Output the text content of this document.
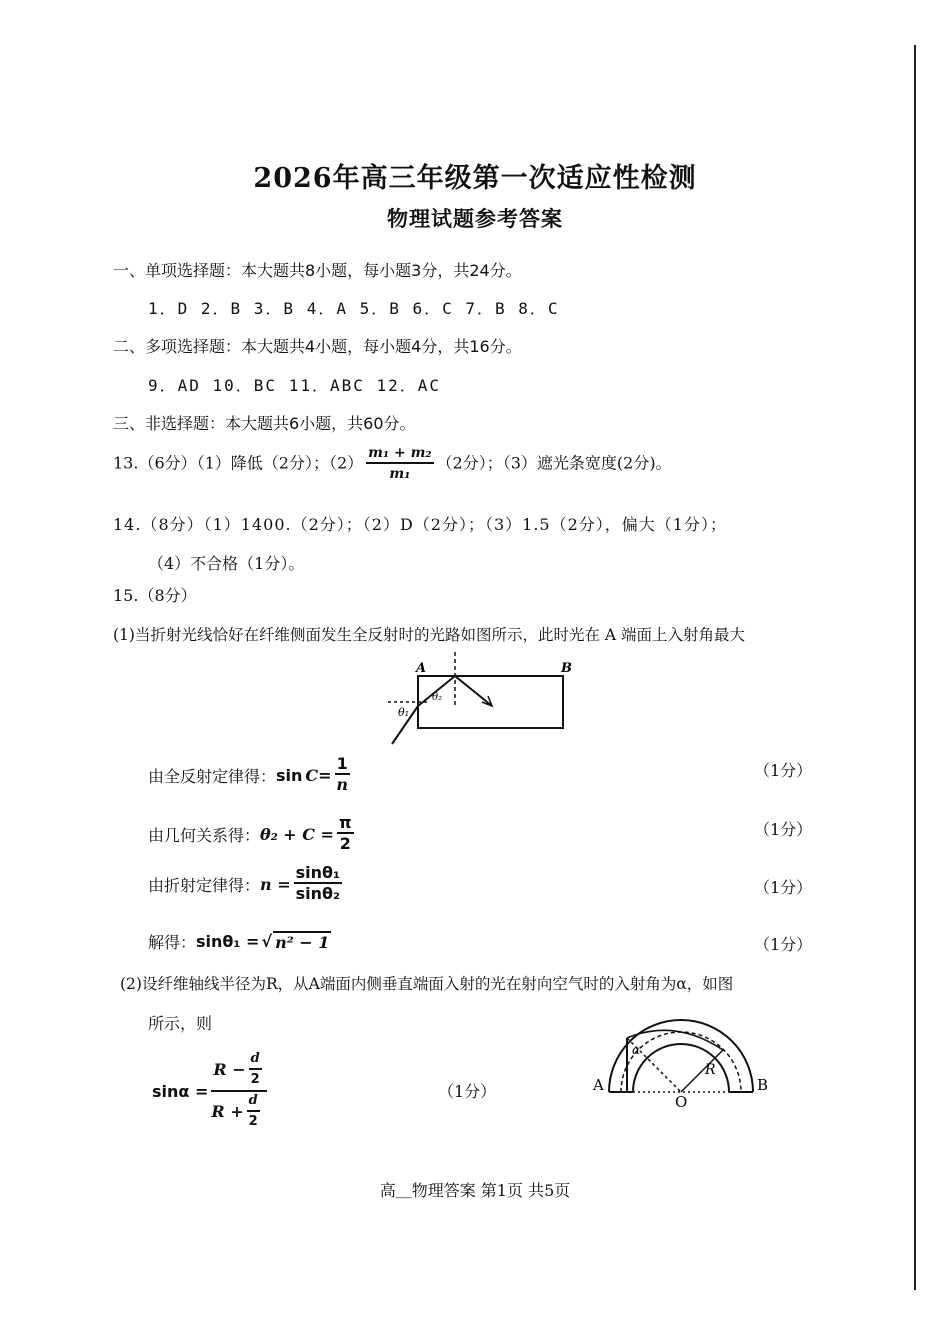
2026年高三年级第一次适应性检测
物理试题参考答案
一、单项选择题：本大题共8小题，每小题3分，共24分。
1．D 2．B 3．B 4．A 5．B 6．C 7．B 8．C
二、多项选择题：本大题共4小题，每小题4分，共16分。
9．AD 10．BC 11．ABC 12．AC
三、非选择题：本大题共6小题，共60分。
13.（6分）（1）降低（2分）；$(2) \frac{\text{m₁ + m₂}}{\text{m₁}} (2$分）；（3）遮光条宽度(2分)。
14.（8分）（1）1400.（2分）；（2）D（2分）；（3）1.5（2分），偏大（1分）；
（4）不合格（1分）。
15.（8分）
(1)当折射光线恰好在纤维侧面发生全反射时的光路如图所示，此时光在 A 端面上入射角最大
A	B
θ₁
θ₂
由全反射定律得： $\sin C = \frac{1}{n}$	（1分）
由几何关系得： $\theta_2 + C = \frac{\pi}{2}$	（1分）
由折射定律得： $n = \frac{\text{sinθ₁}}{\text{sinθ₂}}$	（1分）
解得： sinθ₁ = √ n² − 1	（1分）
(2)设纤维轴线半径为R，从A端面内侧垂直端面入射的光在射向空气时的入射角为α，如图
所示，则
$\sin\alpha = \frac{R - \frac{d}{2}}{R + \frac{d}{2}}$	（1分）	A	B
O
R
α
高＿物理答案 第1页 共5页
